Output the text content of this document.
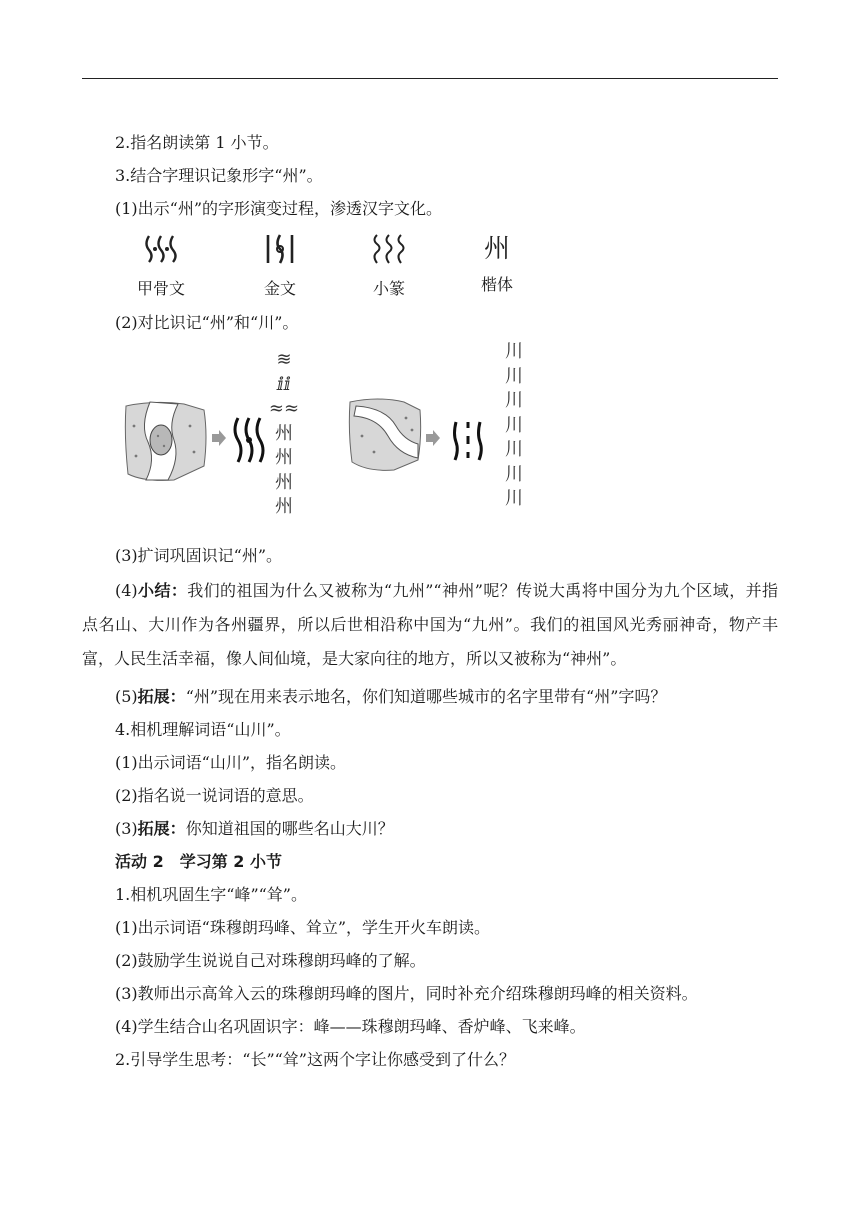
2.指名朗读第 1 小节。
3.结合字理识记象形字“州”。
(1)出示“州”的字形演变过程，渗透汉字文化。
甲骨文	金文	小篆
州
楷体
(2)对比识记“州”和“川”。
≋
ⅈⅈ
≈≈
州
州
州
州
川
川
川
川
川
川
川
(3)扩词巩固识记“州”。
(4)小结：我们的祖国为什么又被称为“九州”“神州”呢？传说大禹将中国分为九个区域，并指点名山、大川作为各州疆界，所以后世相沿称中国为“九州”。我们的祖国风光秀丽神奇，物产丰富，人民生活幸福，像人间仙境，是大家向往的地方，所以又被称为“神州”。
(5)拓展：“州”现在用来表示地名，你们知道哪些城市的名字里带有“州”字吗？
4.相机理解词语“山川”。
(1)出示词语“山川”，指名朗读。
(2)指名说一说词语的意思。
(3)拓展：你知道祖国的哪些名山大川？
活动 2　学习第 2 小节
1.相机巩固生字“峰”“耸”。
(1)出示词语“珠穆朗玛峰、耸立”，学生开火车朗读。
(2)鼓励学生说说自己对珠穆朗玛峰的了解。
(3)教师出示高耸入云的珠穆朗玛峰的图片，同时补充介绍珠穆朗玛峰的相关资料。
(4)学生结合山名巩固识字：峰——珠穆朗玛峰、香炉峰、飞来峰。
2.引导学生思考：“长”“耸”这两个字让你感受到了什么？
